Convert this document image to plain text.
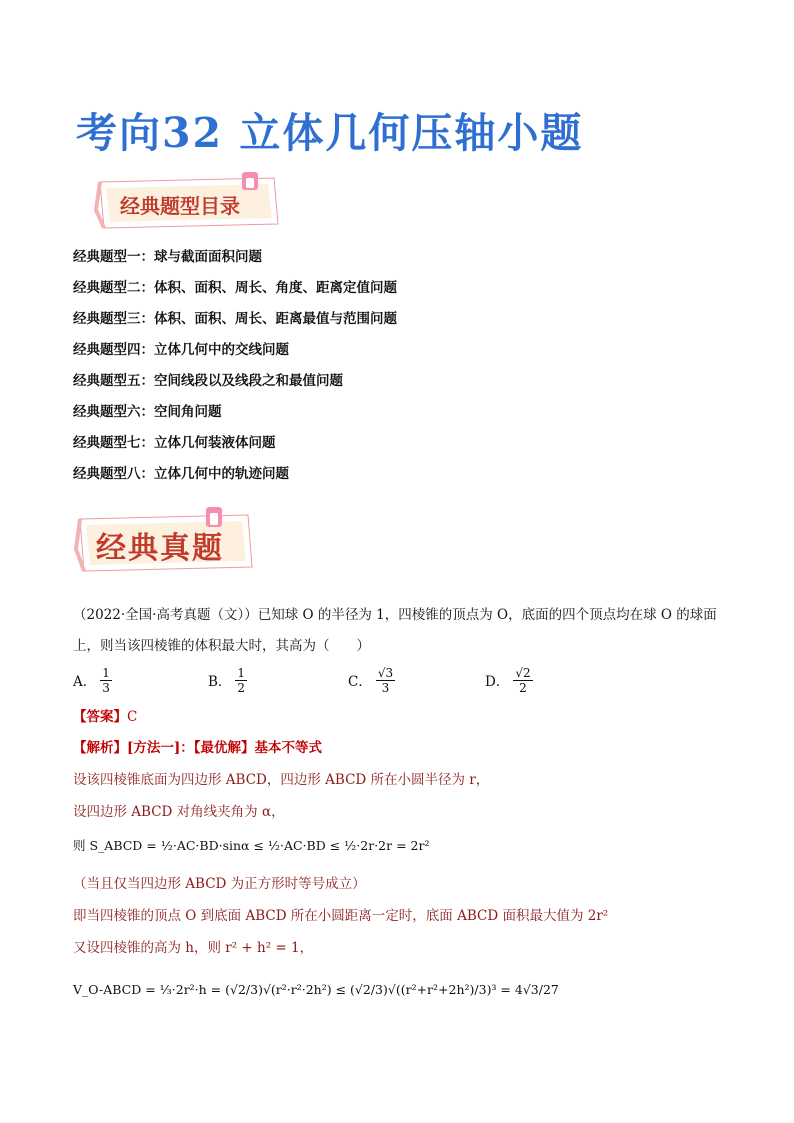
考向32 立体几何压轴小题
经典题型目录
经典题型一：球与截面面积问题
经典题型二：体积、面积、周长、角度、距离定值问题
经典题型三：体积、面积、周长、距离最值与范围问题
经典题型四：立体几何中的交线问题
经典题型五：空间线段以及线段之和最值问题
经典题型六：空间角问题
经典题型七：立体几何装液体问题
经典题型八：立体几何中的轨迹问题
经典真题
（2022·全国·高考真题（文））已知球 O 的半径为 1，四棱锥的顶点为 O，底面的四个顶点均在球 O 的球面
上，则当该四棱锥的体积最大时，其高为（　　）
A． $\frac{1}{3}$	B． $\frac{1}{2}$	C． $\frac{√3}{3}$	D． $\frac{√2}{2}$
【答案】C
【解析】[方法一]：【最优解】基本不等式
设该四棱锥底面为四边形 ABCD，四边形 ABCD 所在小圆半径为 r，
设四边形 ABCD 对角线夹角为 α，
则 S_ABCD = ½·AC·BD·sinα ≤ ½·AC·BD ≤ ½·2r·2r = 2r²
（当且仅当四边形 ABCD 为正方形时等号成立）
即当四棱锥的顶点 O 到底面 ABCD 所在小圆距离一定时，底面 ABCD 面积最大值为 2r²
又设四棱锥的高为 h，则 r² + h² = 1，
V_O-ABCD = ⅓·2r²·h = (√2/3)√(r²·r²·2h²) ≤ (√2/3)√((r²+r²+2h²)/3)³ = 4√3/27
